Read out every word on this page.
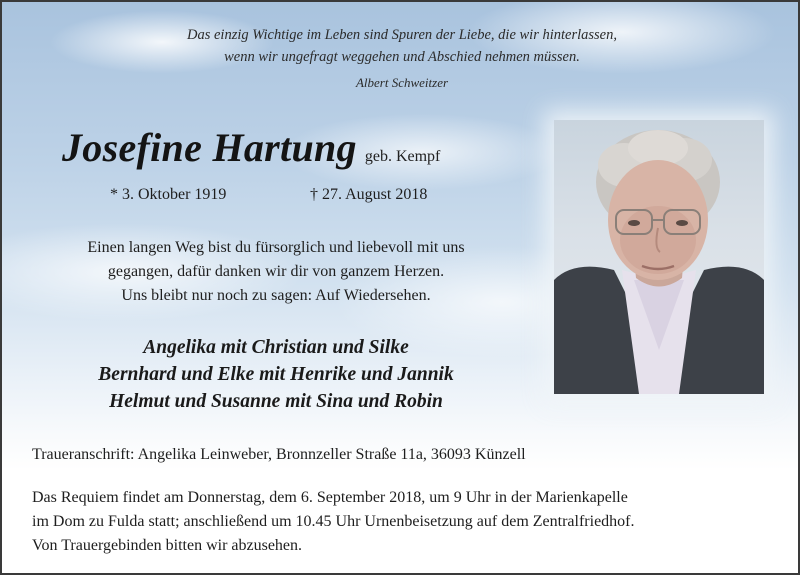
Das einzig Wichtige im Leben sind Spuren der Liebe, die wir hinterlassen,
wenn wir ungefragt weggehen und Abschied nehmen müssen.
Albert Schweitzer
Josefine Hartung geb. Kempf
* 3. Oktober 1919	† 27. August 2018
Einen langen Weg bist du fürsorglich und liebevoll mit uns
gegangen, dafür danken wir dir von ganzem Herzen.
Uns bleibt nur noch zu sagen: Auf Wiedersehen.
Angelika mit Christian und Silke
Bernhard und Elke mit Henrike und Jannik
Helmut und Susanne mit Sina und Robin
Traueranschrift: Angelika Leinweber, Bronnzeller Straße 11a, 36093 Künzell
Das Requiem findet am Donnerstag, dem 6. September 2018, um 9 Uhr in der Marienkapelle
im Dom zu Fulda statt; anschließend um 10.45 Uhr Urnenbeisetzung auf dem Zentralfriedhof.
Von Trauergebinden bitten wir abzusehen.
